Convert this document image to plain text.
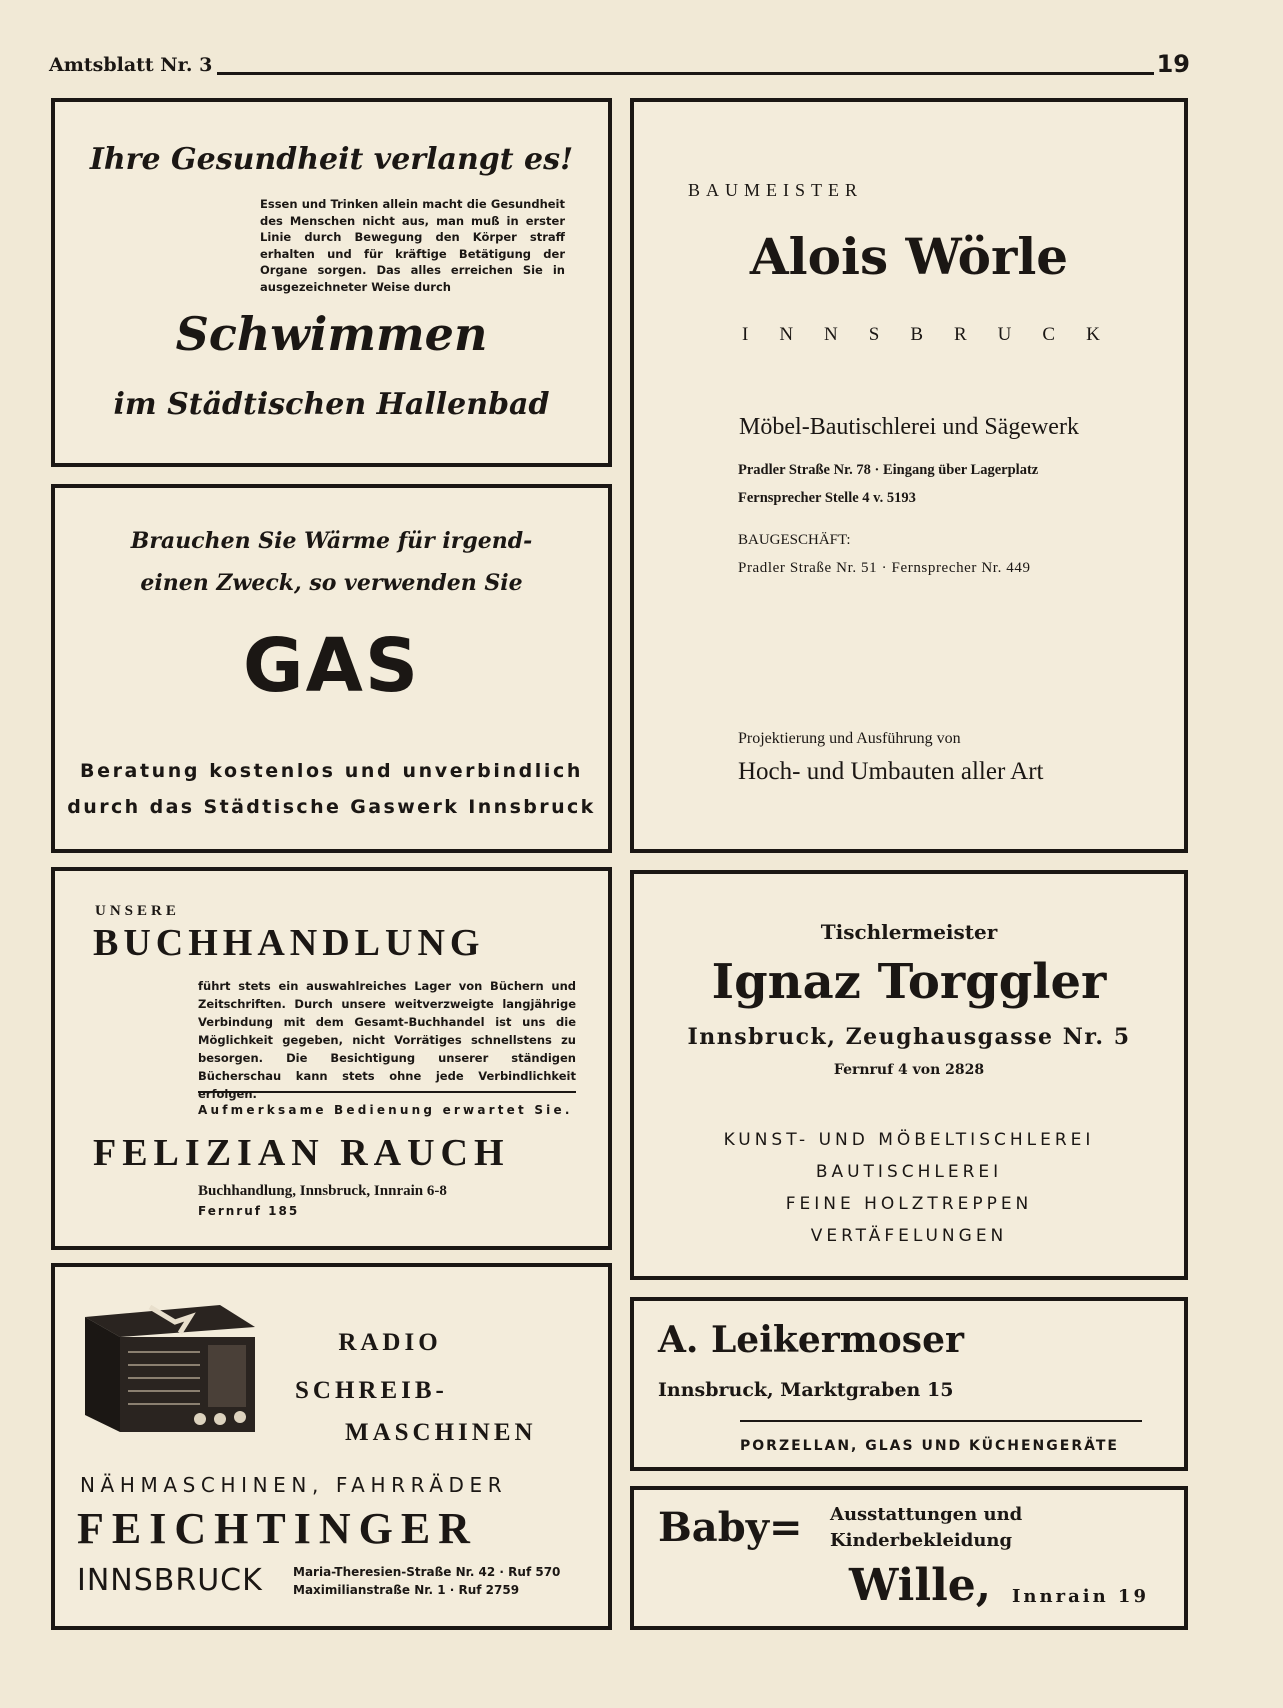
Amtsblatt Nr. 3	19
Ihre Gesundheit verlangt es!
Essen und Trinken allein macht die Gesundheit des Menschen nicht aus, man muß in erster Linie durch Bewegung den Körper straff erhalten und für kräftige Betätigung der Organe sorgen. Das alles erreichen Sie in ausgezeichneter Weise durch
Schwimmen
im Städtischen Hallenbad
Brauchen Sie Wärme für irgend-
einen Zweck, so verwenden Sie
GAS
Beratung kostenlos und unverbindlich
durch das Städtische Gaswerk Innsbruck
UNSERE
BUCHHANDLUNG
führt stets ein auswahlreiches Lager von Büchern und Zeitschriften. Durch unsere weitverzweigte langjährige Verbindung mit dem Gesamt-Buchhandel ist uns die Möglichkeit gegeben, nicht Vorrätiges schnellstens zu besorgen. Die Besichtigung unserer ständigen Bücherschau kann stets ohne jede Verbindlichkeit erfolgen.
Aufmerksame Bedienung erwartet Sie.
FELIZIAN RAUCH
Buchhandlung, Innsbruck, Innrain 6-8
Fernruf 185
RADIO
SCHREIB-
MASCHINEN
NÄHMASCHINEN, FAHRRÄDER
FEICHTINGER
INNSBRUCK	Maria-Theresien-Straße Nr. 42 · Ruf 570
Maximilianstraße Nr. 1 · Ruf 2759
BAUMEISTER
Alois Wörle
INNSBRUCK
Möbel-Bautischlerei und Sägewerk
Pradler Straße Nr. 78 · Eingang über Lagerplatz
Fernsprecher Stelle 4 v. 5193
BAUGESCHÄFT:
Pradler Straße Nr. 51 · Fernsprecher Nr. 449
Projektierung und Ausführung von
Hoch- und Umbauten aller Art
Tischlermeister
Ignaz Torggler
Innsbruck, Zeughausgasse Nr. 5
Fernruf 4 von 2828
KUNST- UND MÖBELTISCHLEREI
BAUTISCHLEREI
FEINE HOLZTREPPEN
VERTÄFELUNGEN
A. Leikermoser
Innsbruck, Marktgraben 15
PORZELLAN, GLAS UND KÜCHENGERÄTE
Baby= Ausstattungen und
Kinderbekleidung
Wille, Innrain 19
